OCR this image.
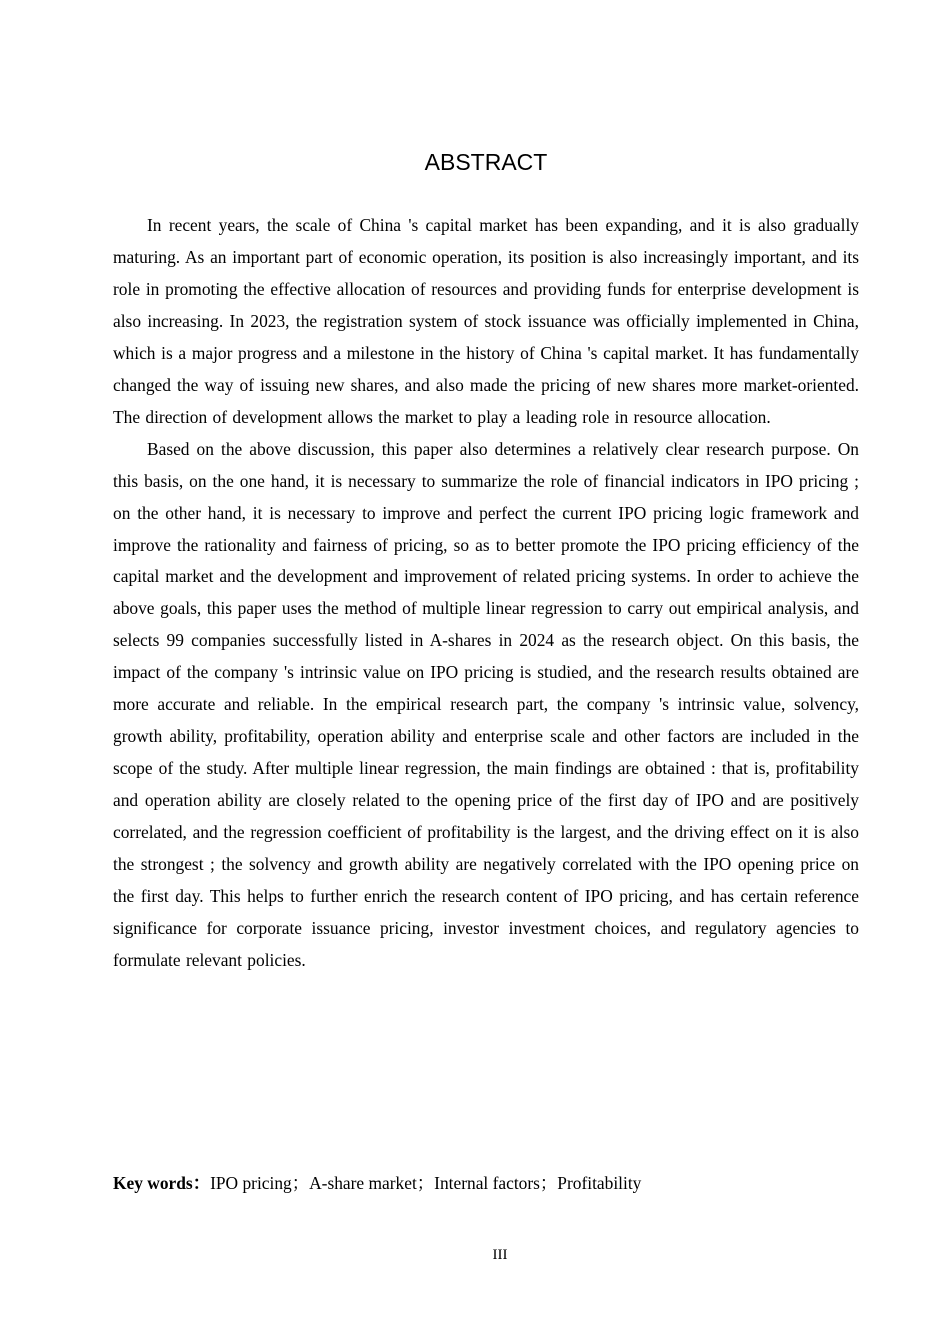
ABSTRACT

In recent years, the scale of China 's capital market has been expanding, and it is also gradually maturing. As an important part of economic operation, its position is also increasingly important, and its role in promoting the effective allocation of resources and providing funds for enterprise development is also increasing. In 2023, the registration system of stock issuance was officially implemented in China, which is a major progress and a milestone in the history of China 's capital market. It has fundamentally changed the way of issuing new shares, and also made the pricing of new shares more market-oriented. The direction of development allows the market to play a leading role in resource allocation.

Based on the above discussion, this paper also determines a relatively clear research purpose. On this basis, on the one hand, it is necessary to summarize the role of financial indicators in IPO pricing ; on the other hand, it is necessary to improve and perfect the current IPO pricing logic framework and improve the rationality and fairness of pricing, so as to better promote the IPO pricing efficiency of the capital market and the development and improvement of related pricing systems. In order to achieve the above goals, this paper uses the method of multiple linear regression to carry out empirical analysis, and selects 99 companies successfully listed in A-shares in 2024 as the research object. On this basis, the impact of the company 's intrinsic value on IPO pricing is studied, and the research results obtained are more accurate and reliable. In the empirical research part, the company 's intrinsic value, solvency, growth ability, profitability, operation ability and enterprise scale and other factors are included in the scope of the study. After multiple linear regression, the main findings are obtained : that is, profitability and operation ability are closely related to the opening price of the first day of IPO and are positively correlated, and the regression coefficient of profitability is the largest, and the driving effect on it is also the strongest ; the solvency and growth ability are negatively correlated with the IPO opening price on the first day. This helps to further enrich the research content of IPO pricing, and has certain reference significance for corporate issuance pricing, investor investment choices, and regulatory agencies to formulate relevant policies.

Key words：IPO pricing；A-share market；Internal factors；Profitability
III
